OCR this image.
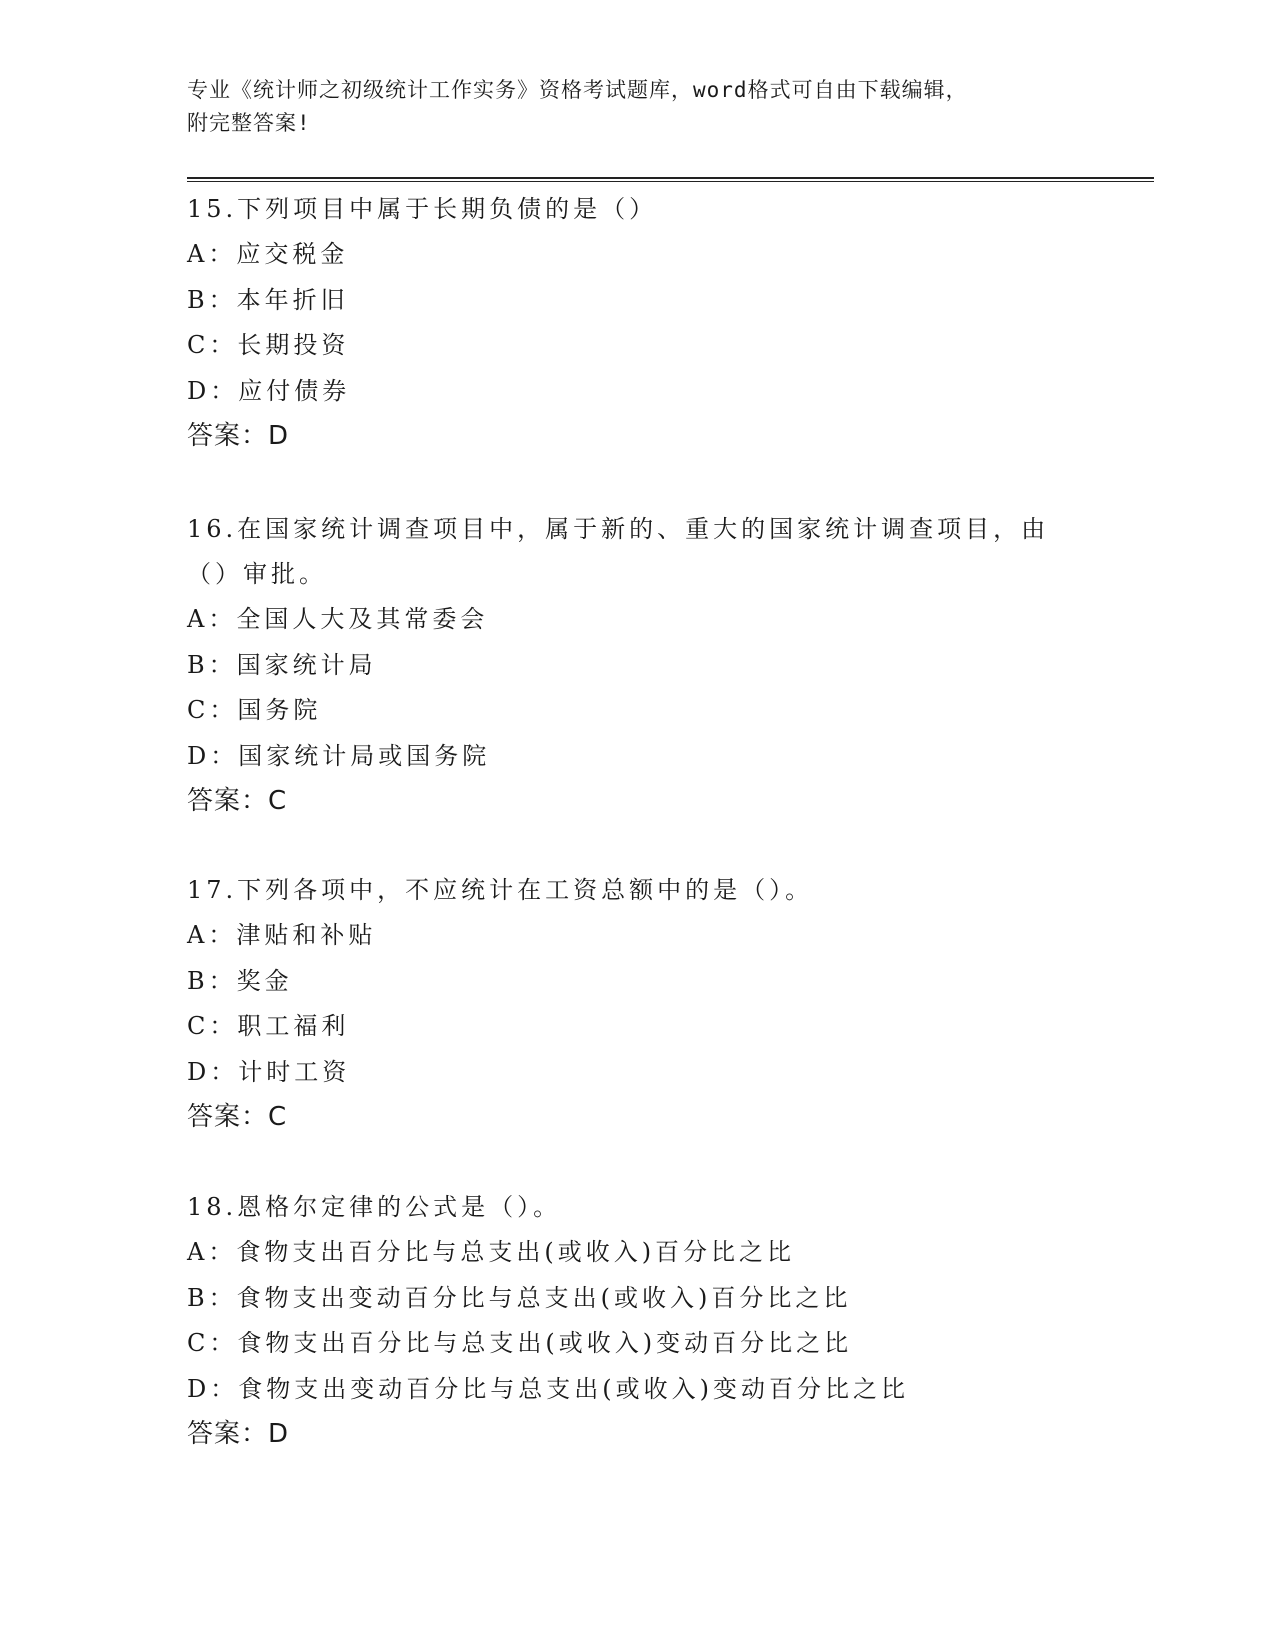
专业《统计师之初级统计工作实务》资格考试题库，word格式可自由下载编辑，
附完整答案!
15.下列项目中属于长期负债的是（）
A：应交税金
B：本年折旧
C：长期投资
D：应付债券
答案：D
16.在国家统计调查项目中，属于新的、重大的国家统计调查项目，由（）审批。
A：全国人大及其常委会
B：国家统计局
C：国务院
D：国家统计局或国务院
答案：C
17.下列各项中，不应统计在工资总额中的是（）。
A：津贴和补贴
B：奖金
C：职工福利
D：计时工资
答案：C
18.恩格尔定律的公式是（）。
A：食物支出百分比与总支出(或收入)百分比之比
B：食物支出变动百分比与总支出(或收入)百分比之比
C：食物支出百分比与总支出(或收入)变动百分比之比
D：食物支出变动百分比与总支出(或收入)变动百分比之比
答案：D
